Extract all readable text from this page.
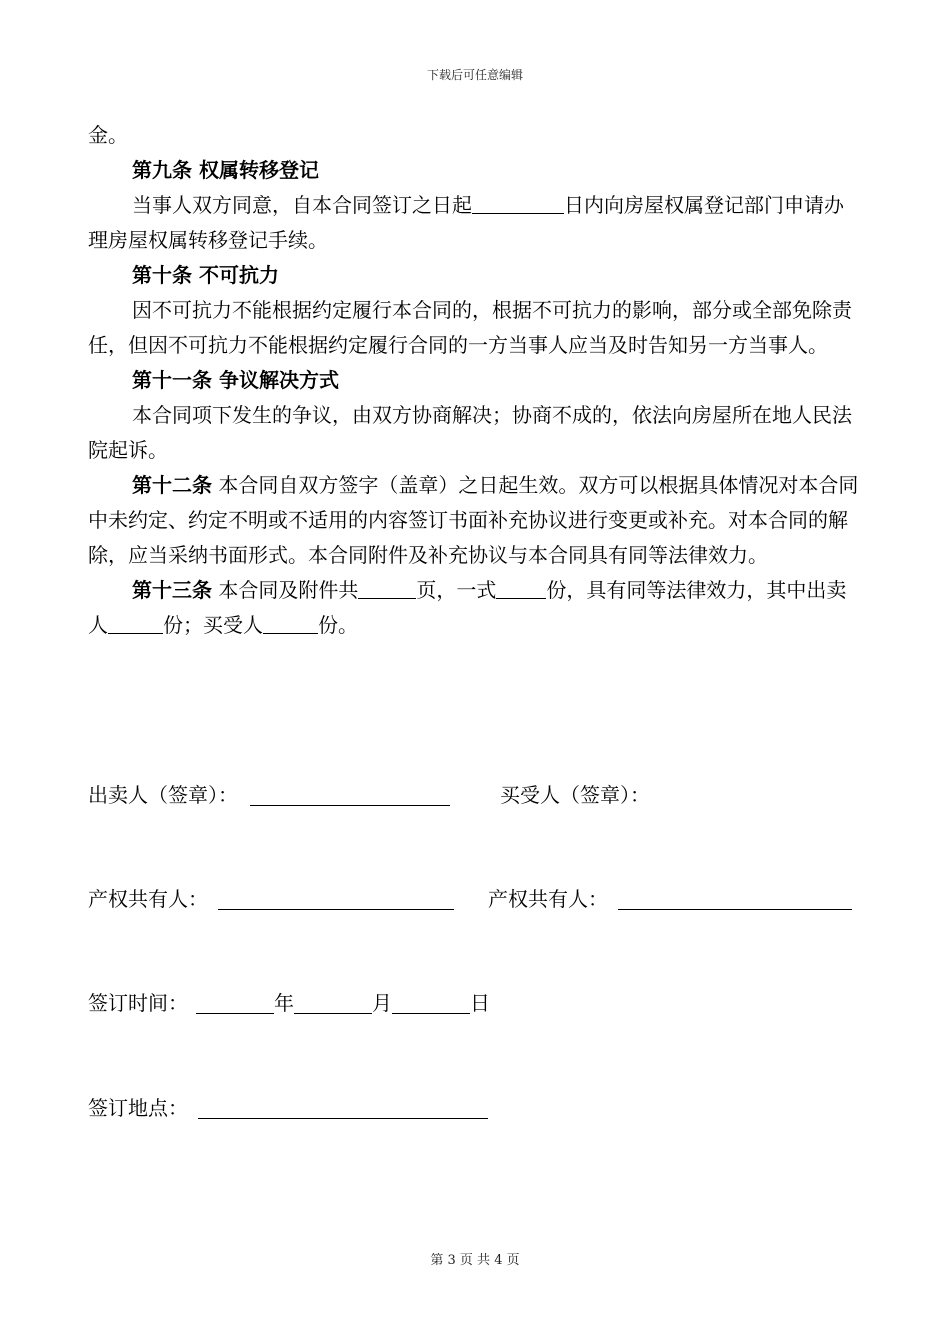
下载后可任意编辑

金。

第九条 权属转移登记

当事人双方同意，自本合同签订之日起	日内向房屋权属登记部门申请办理房屋权属转移登记手续。

第十条 不可抗力

因不可抗力不能根据约定履行本合同的，根据不可抗力的影响，部分或全部免除责任，但因不可抗力不能根据约定履行合同的一方当事人应当及时告知另一方当事人。

第十一条 争议解决方式

本合同项下发生的争议，由双方协商解决；协商不成的，依法向房屋所在地人民法院起诉。

第十二条 本合同自双方签字（盖章）之日起生效。双方可以根据具体情况对本合同中未约定、约定不明或不适用的内容签订书面补充协议进行变更或补充。对本合同的解除，应当采纳书面形式。本合同附件及补充协议与本合同具有同等法律效力。

第十三条 本合同及附件共	页，一式	份，具有同等法律效力，其中出卖人	份；买受人	份。

出卖人（签章）：	买受人（签章）：
产权共有人：	产权共有人：
签订时间：	年	月	日
签订地点：
第 3 页 共 4 页
